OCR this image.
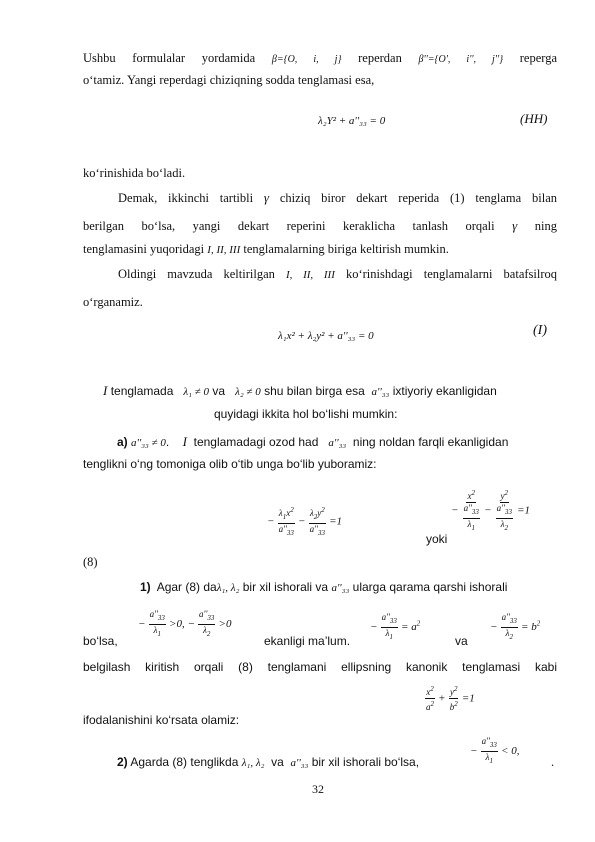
Ushbu formulalar yordamida β={O, i, j} reperdan β''={O', i'', j''} reperga
o‘tamiz. Yangi reperdagi chiziqning sodda tenglamasi esa,
λ₂Y² + a''₃₃ = 0	(HH)
ko‘rinishida bo‘ladi.
Demak, ikkinchi tartibli γ chiziq biror dekart reperida (1) tenglama bilan
berilgan bo‘lsa, yangi dekart reperini keraklicha tanlash orqali γ ning
tenglamasini yuqoridagi I, II, III tenglamalarning biriga keltirish mumkin.
Oldingi mavzuda keltirilgan I, II, III ko‘rinishdagi tenglamalarni batafsilroq
o‘rganamiz.
λ₁x² + λ₂y² + a''₃₃ = 0	(I)
I tenglamada λ₁ ≠ 0 va λ₂ ≠ 0 shu bilan birga esa a''₃₃ ixtiyoriy ekanligidan
quyidagi ikkita hol bo‘lishi mumkin:
a) a''₃₃ ≠ 0. I tenglamadagi ozod had a''₃₃ ning noldan farqli ekanligidan
tenglikni o‘ng tomoniga olib o‘tib unga bo‘lib yuboramiz:
− $\frac{\lambda_1x^2}{a''_{33}} - \frac{\lambda_2y^2}{a''_{33}} =1$
yoki
− $\frac{x^2}{\frac{a''_{33}}{\lambda_1}} - \frac{y^2}{\frac{a''_{33}}{\lambda_2}} =1$
(8)
1) Agar (8) daλ₁, λ₂ bir xil ishorali va a''₃₃ ularga qarama qarshi ishorali
bo‘lsa,
− $\frac{a''_{33}}{\lambda_1} >0$, − $\frac{a''_{33}}{\lambda_2} >0$
ekanligi ma’lum.
− $\frac{a''_{33}}{\lambda_1} = a^2$
va
− $\frac{a''_{33}}{\lambda_2} = b^2$
belgilash kiritish orqali (8) tenglamani ellipsning kanonik tenglamasi kabi
ifodalanishini ko‘rsata olamiz:
$\frac{x^2}{a^2} + \frac{y^2}{b^2} =1$
2) Agarda (8) tenglikda λ₁, λ₂ va a''₃₃ bir xil ishorali bo‘lsa,
− $\frac{a''_{33}}{\lambda_1} < 0$,
.
32
